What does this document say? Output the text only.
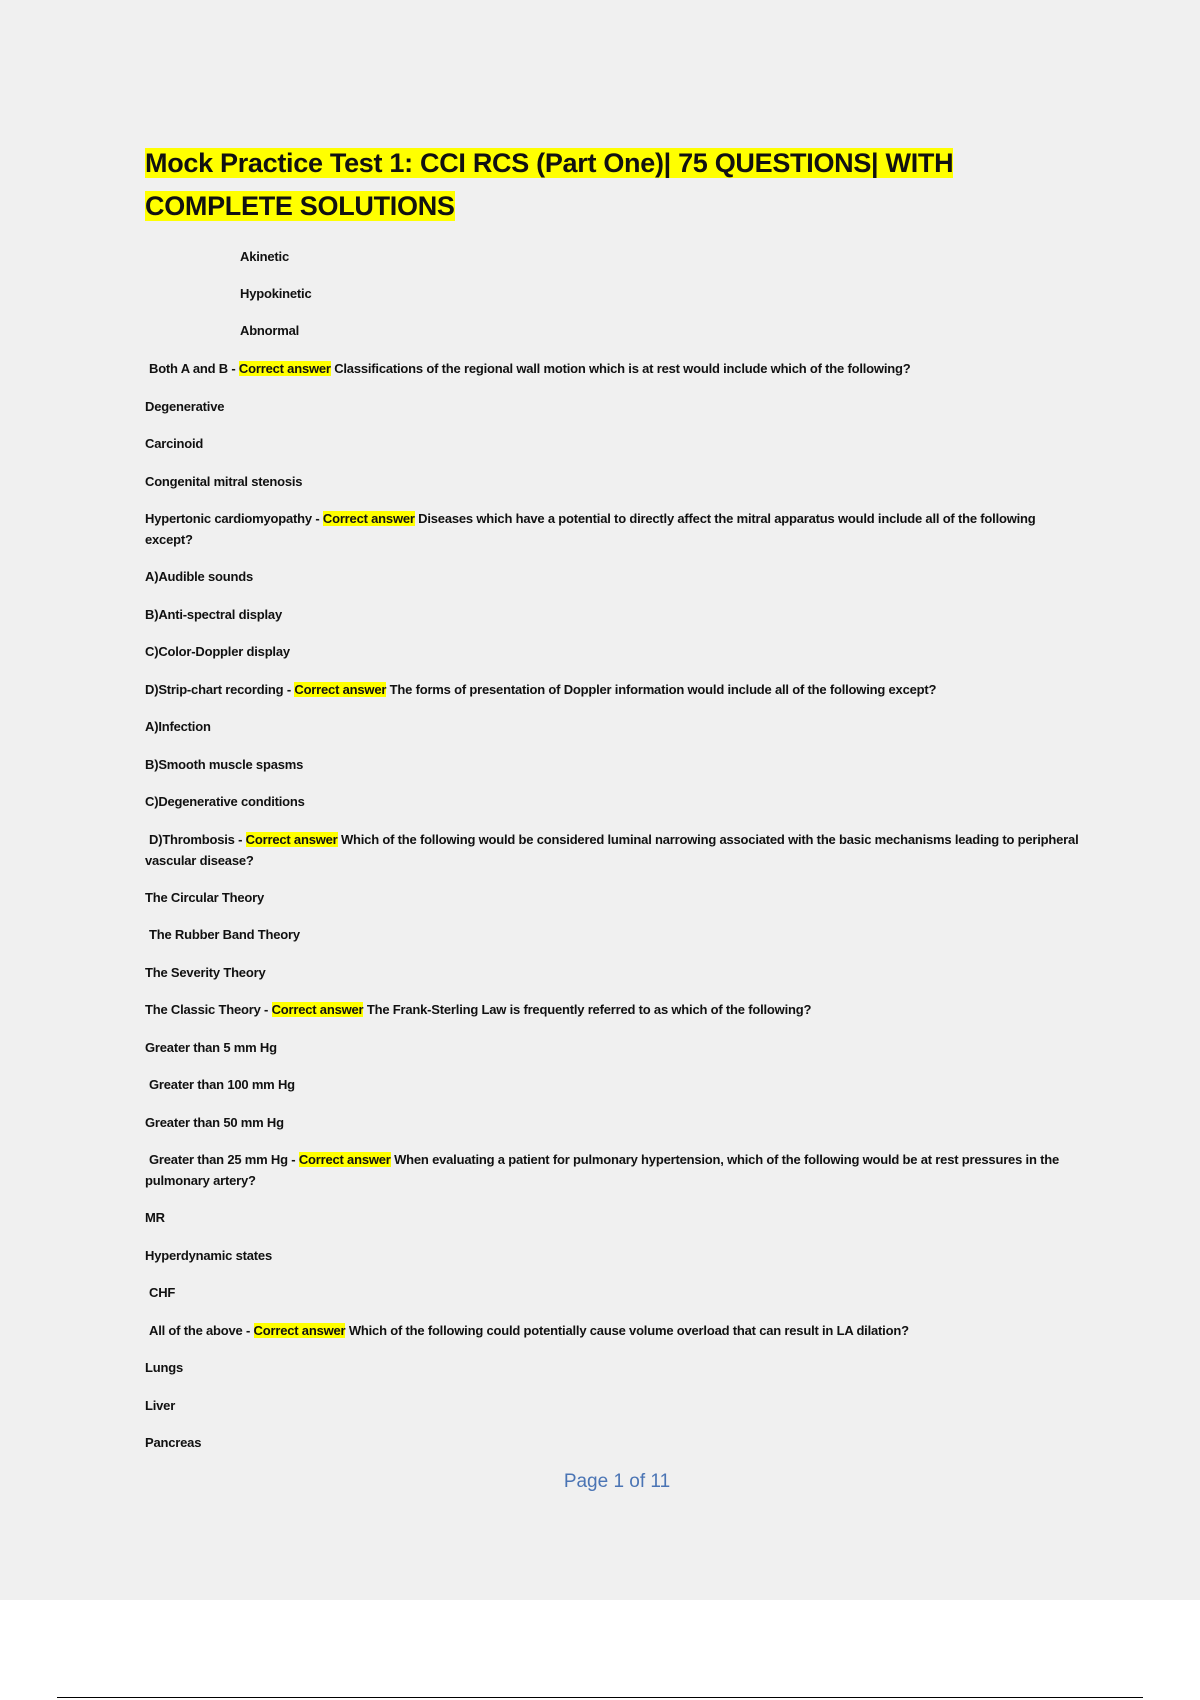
Mock Practice Test 1: CCI RCS (Part One)| 75 QUESTIONS| WITH COMPLETE SOLUTIONS

Akinetic

Hypokinetic

Abnormal

Both A and B - Correct answer Classifications of the regional wall motion which is at rest would include which of the following?

Degenerative

Carcinoid

Congenital mitral stenosis

Hypertonic cardiomyopathy - Correct answer Diseases which have a potential to directly affect the mitral apparatus would include all of the following except?

A)Audible sounds

B)Anti-spectral display

C)Color-Doppler display

D)Strip-chart recording - Correct answer The forms of presentation of Doppler information would include all of the following except?

A)Infection

B)Smooth muscle spasms

C)Degenerative conditions

D)Thrombosis - Correct answer Which of the following would be considered luminal narrowing associated with the basic mechanisms leading to peripheral vascular disease?

The Circular Theory

The Rubber Band Theory

The Severity Theory

The Classic Theory - Correct answer The Frank-Sterling Law is frequently referred to as which of the following?

Greater than 5 mm Hg

Greater than 100 mm Hg

Greater than 50 mm Hg

Greater than 25 mm Hg - Correct answer When evaluating a patient for pulmonary hypertension, which of the following would be at rest pressures in the pulmonary artery?

MR

Hyperdynamic states

CHF

All of the above - Correct answer Which of the following could potentially cause volume overload that can result in LA dilation?

Lungs

Liver

Pancreas

Page 1 of 11
